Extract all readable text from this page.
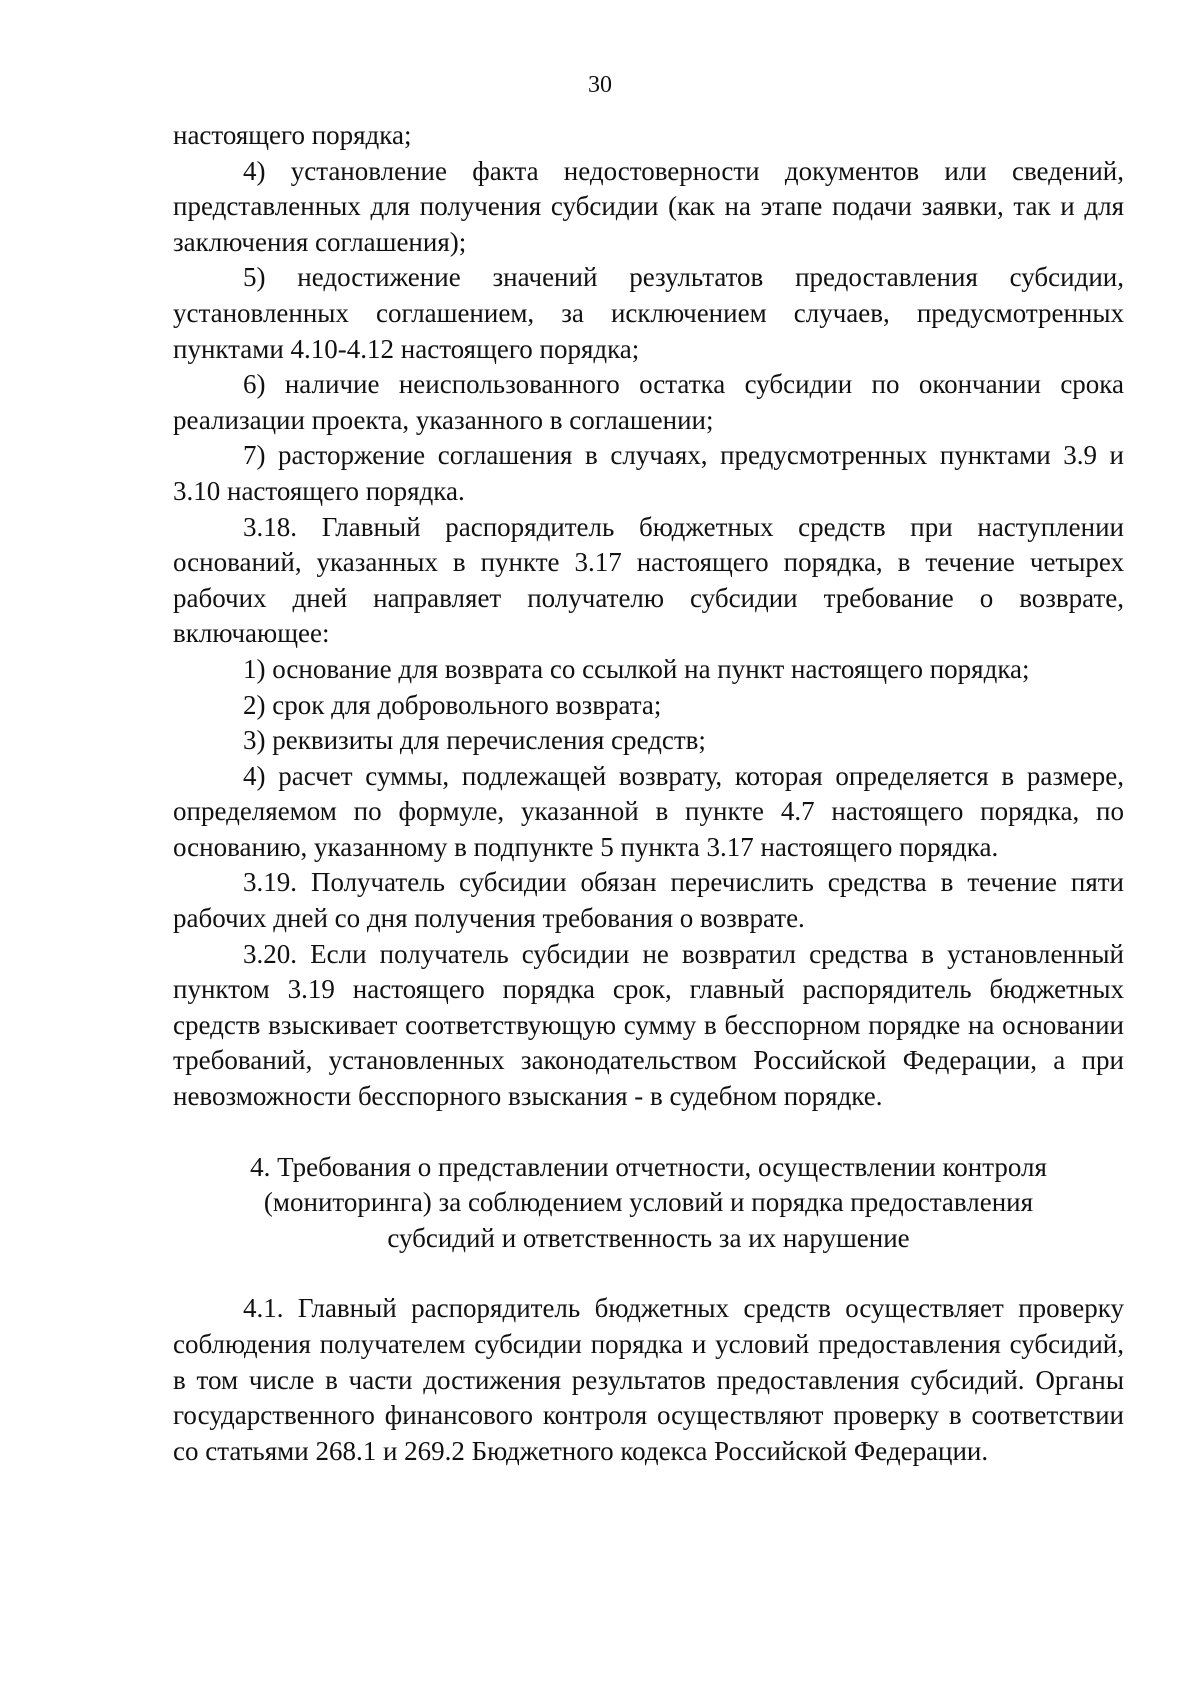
30

настоящего порядка;

4) установление факта недостоверности документов или сведений, представленных для получения субсидии (как на этапе подачи заявки, так и для заключения соглашения);

5) недостижение значений результатов предоставления субсидии, установленных соглашением, за исключением случаев, предусмотренных пунктами 4.10-4.12 настоящего порядка;

6) наличие неиспользованного остатка субсидии по окончании срока реализации проекта, указанного в соглашении;

7) расторжение соглашения в случаях, предусмотренных пунктами 3.9 и 3.10 настоящего порядка.

3.18. Главный распорядитель бюджетных средств при наступлении оснований, указанных в пункте 3.17 настоящего порядка, в течение четырех рабочих дней направляет получателю субсидии требование о возврате, включающее:

1) основание для возврата со ссылкой на пункт настоящего порядка;

2) срок для добровольного возврата;

3) реквизиты для перечисления средств;

4) расчет суммы, подлежащей возврату, которая определяется в размере, определяемом по формуле, указанной в пункте 4.7 настоящего порядка, по основанию, указанному в подпункте 5 пункта 3.17 настоящего порядка.

3.19. Получатель субсидии обязан перечислить средства в течение пяти рабочих дней со дня получения требования о возврате.

3.20. Если получатель субсидии не возвратил средства в установленный пунктом 3.19 настоящего порядка срок, главный распорядитель бюджетных средств взыскивает соответствующую сумму в бесспорном порядке на основании требований, установленных законодательством Российской Федерации, а при невозможности бесспорного взыскания - в судебном порядке.

4. Требования о представлении отчетности, осуществлении контроля (мониторинга) за соблюдением условий и порядка предоставления субсидий и ответственность за их нарушение

4.1. Главный распорядитель бюджетных средств осуществляет проверку соблюдения получателем субсидии порядка и условий предоставления субсидий, в том числе в части достижения результатов предоставления субсидий. Органы государственного финансового контроля осуществляют проверку в соответствии со статьями 268.1 и 269.2 Бюджетного кодекса Российской Федерации.
